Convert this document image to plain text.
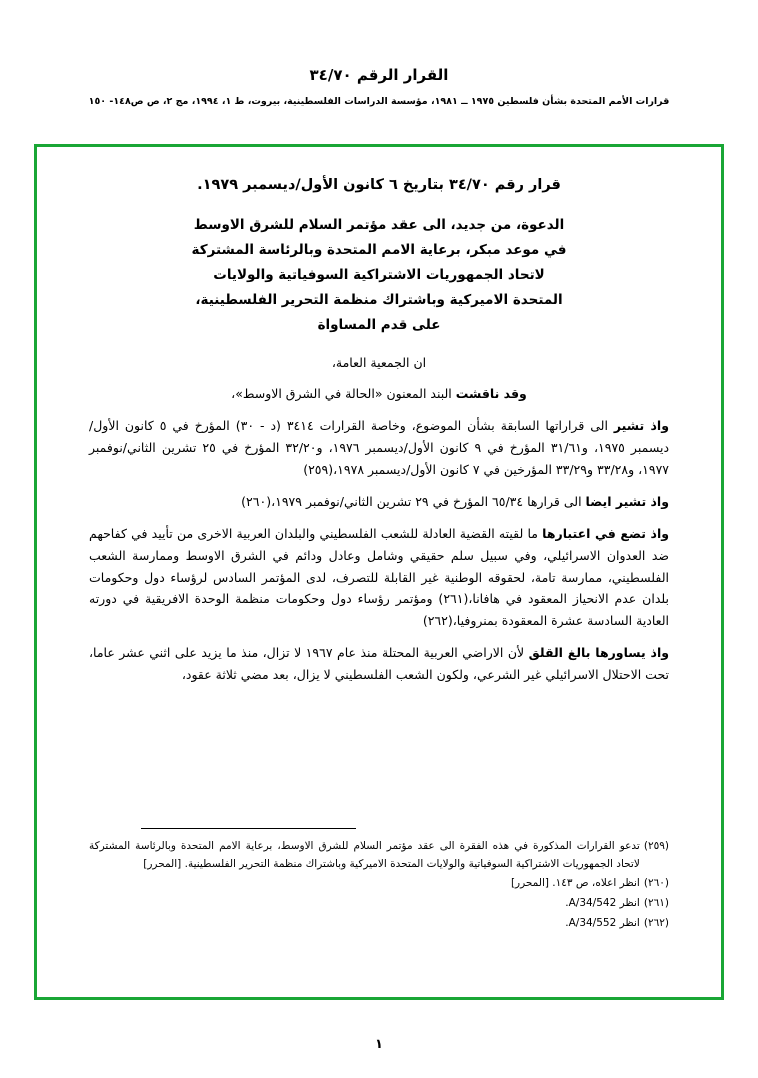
القرار الرقم ٣٤/٧٠
قرارات الأمم المتحدة بشأن فلسطين ١٩٧٥ ــ ١٩٨١، مؤسسة الدراسات الفلسطينية، بيروت، ط ١، ١٩٩٤، مج ٢، ص ص١٤٨- ١٥٠
قرار رقم ٣٤/٧٠ بتاريخ ٦ كانون الأول/ديسمبر ١٩٧٩.
الدعوة، من جديد، الى عقد مؤتمر السلام للشرق الاوسط
في موعد مبكر، برعاية الامم المتحدة وبالرئاسة المشتركة
لاتحاد الجمهوريات الاشتراكية السوفياتية والولايات
المتحدة الاميركية وباشتراك منظمة التحرير الفلسطينية،
على قدم المساواة
ان الجمعية العامة،
وقد ناقشت البند المعنون «الحالة في الشرق الاوسط»،
واذ تشير الى قراراتها السابقة بشأن الموضوع، وخاصة القرارات ٣٤١٤ (د - ٣٠) المؤرخ في ٥ كانون الأول/ديسمبر ١٩٧٥، و٣١/٦١ المؤرخ في ٩ كانون الأول/ديسمبر ١٩٧٦، و٣٢/٢٠ المؤرخ في ٢٥ تشرين الثاني/نوفمبر ١٩٧٧، و٣٣/٢٨ و٣٣/٢٩ المؤرخين في ٧ كانون الأول/ديسمبر ١٩٧٨،(٢٥٩)
واذ تشير ايضا الى قرارها ٦٥/٣٤ المؤرخ في ٢٩ تشرين الثاني/نوفمبر ١٩٧٩،(٢٦٠)
واذ تضع في اعتبارها ما لقيته القضية العادلة للشعب الفلسطيني والبلدان العربية الاخرى من تأييد في كفاحهم ضد العدوان الاسرائيلي، وفي سبيل سلم حقيقي وشامل وعادل ودائم في الشرق الاوسط وممارسة الشعب الفلسطيني، ممارسة تامة، لحقوقه الوطنية غير القابلة للتصرف، لدى المؤتمر السادس لرؤساء دول وحكومات بلدان عدم الانحياز المعقود في هافانا،(٢٦١) ومؤتمر رؤساء دول وحكومات منظمة الوحدة الافريقية في دورته العادية السادسة عشرة المعقودة بمنروفيا،(٢٦٢)
واذ يساورها بالغ القلق لأن الاراضي العربية المحتلة منذ عام ١٩٦٧ لا تزال، منذ ما يزيد على اثني عشر عاما، تحت الاحتلال الاسرائيلي غير الشرعي، ولكون الشعب الفلسطيني لا يزال، بعد مضي ثلاثة عقود،
(٢٥٩)
تدعو القرارات المذكورة في هذه الفقرة الى عقد مؤتمر السلام للشرق الاوسط، برعاية الامم المتحدة وبالرئاسة المشتركة لاتحاد الجمهوريات الاشتراكية السوفياتية والولايات المتحدة الاميركية وباشتراك منظمة التحرير الفلسطينية. [المحرر]
(٢٦٠)
انظر اعلاه، ص ١٤٣. [المحرر]
(٢٦١)
انظر A/34/542.
(٢٦٢)
انظر A/34/552.
١
